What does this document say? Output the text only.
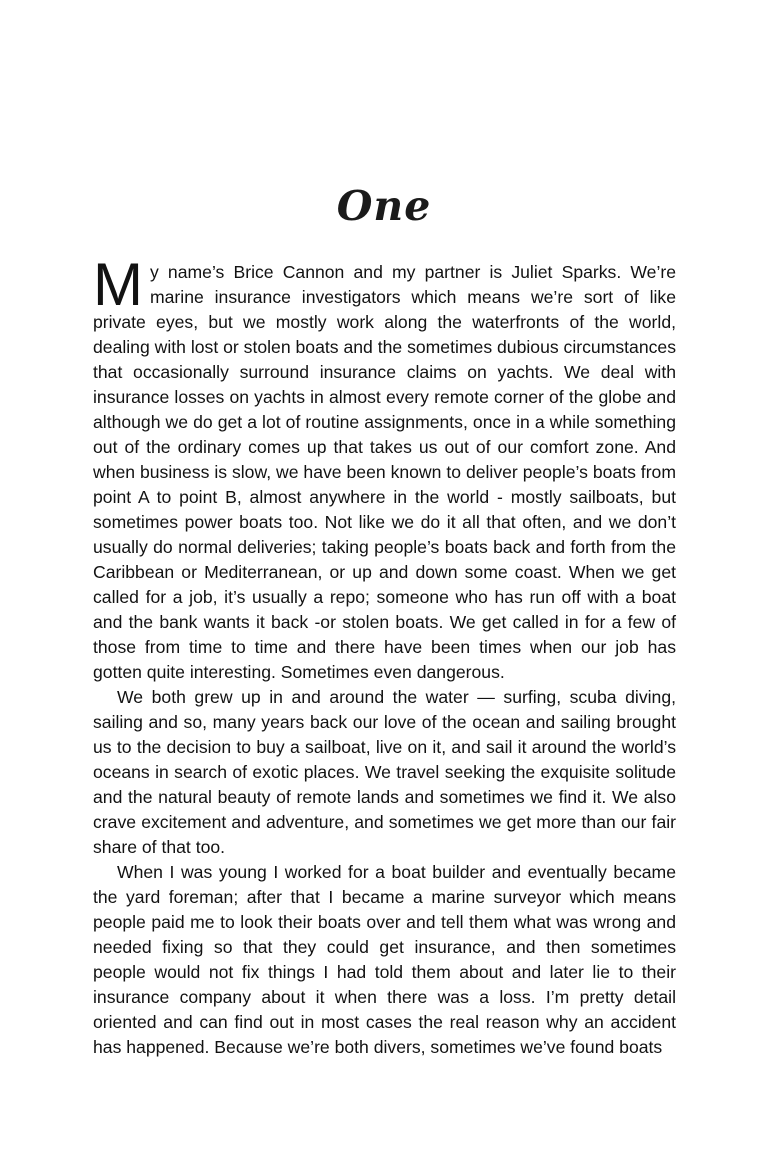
One

My name’s Brice Cannon and my partner is Juliet Sparks. We’re marine insurance investigators which means we’re sort of like private eyes, but we mostly work along the waterfronts of the world, dealing with lost or stolen boats and the sometimes dubious circumstances that occasionally surround insurance claims on yachts. We deal with insurance losses on yachts in almost every remote corner of the globe and although we do get a lot of routine assignments, once in a while something out of the ordinary comes up that takes us out of our comfort zone. And when business is slow, we have been known to deliver people’s boats from point A to point B, almost anywhere in the world - mostly sailboats, but sometimes power boats too. Not like we do it all that often, and we don’t usually do normal deliveries; taking people’s boats back and forth from the Caribbean or Mediterranean, or up and down some coast. When we get called for a job, it’s usually a repo; someone who has run off with a boat and the bank wants it back -or stolen boats. We get called in for a few of those from time to time and there have been times when our job has gotten quite interesting. Sometimes even dangerous.

We both grew up in and around the water — surfing, scuba diving, sailing and so, many years back our love of the ocean and sailing brought us to the decision to buy a sailboat, live on it, and sail it around the world’s oceans in search of exotic places. We travel seeking the exquisite solitude and the natural beauty of remote lands and sometimes we find it. We also crave excitement and adventure, and sometimes we get more than our fair share of that too.

When I was young I worked for a boat builder and eventually became the yard foreman; after that I became a marine surveyor which means people paid me to look their boats over and tell them what was wrong and needed fixing so that they could get insurance, and then sometimes people would not fix things I had told them about and later lie to their insurance company about it when there was a loss. I’m pretty detail oriented and can find out in most cases the real reason why an accident has happened. Because we’re both divers, sometimes we’ve found boats
